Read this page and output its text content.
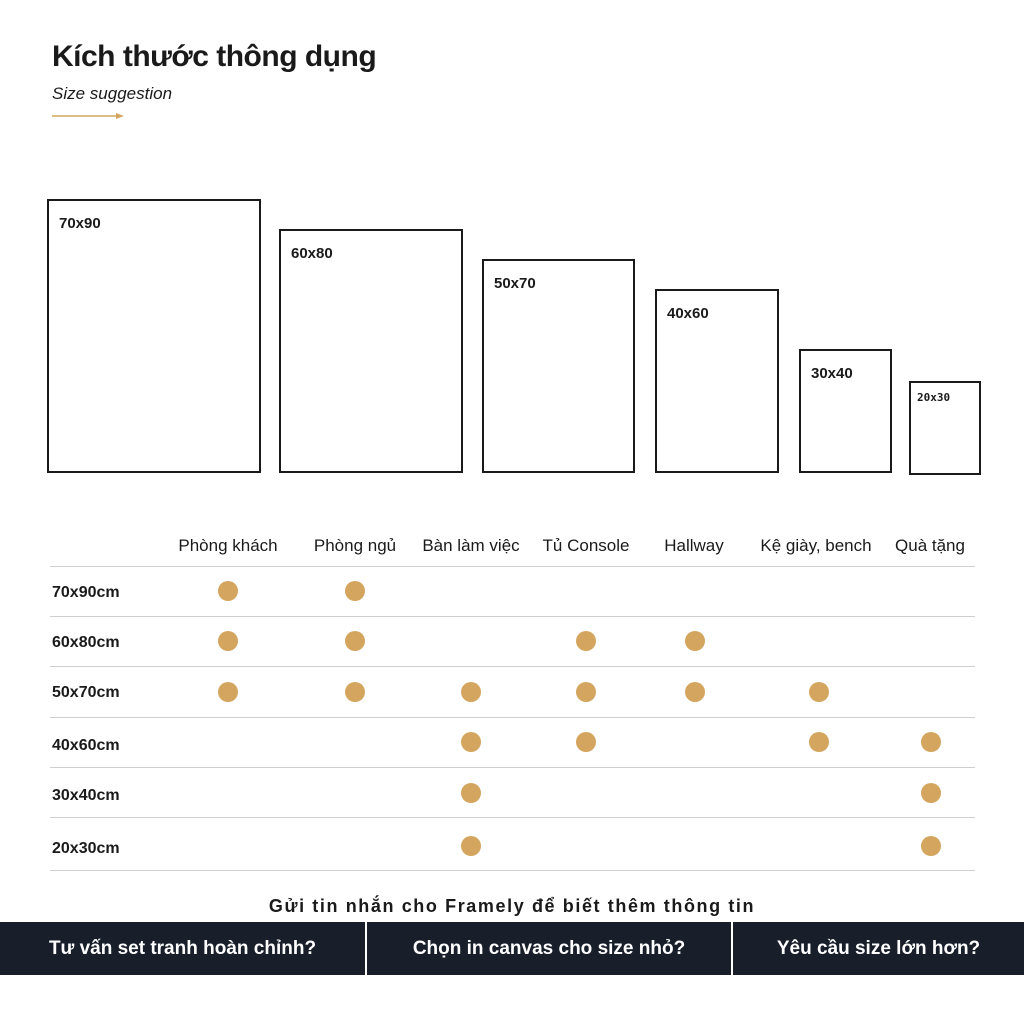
Kích thước thông dụng
Size suggestion
70x90
60x80
50x70
40x60
30x40
20x30
Phòng khách Phòng ngủ Bàn làm việc Tủ Console Hallway Kệ giày, bench Quà tặng
70x90cm
60x80cm
50x70cm
40x60cm
30x40cm
20x30cm
Gửi tin nhắn cho Framely để biết thêm thông tin
Tư vấn set tranh hoàn chỉnh?	Chọn in canvas cho size nhỏ?	Yêu cầu size lớn hơn?
